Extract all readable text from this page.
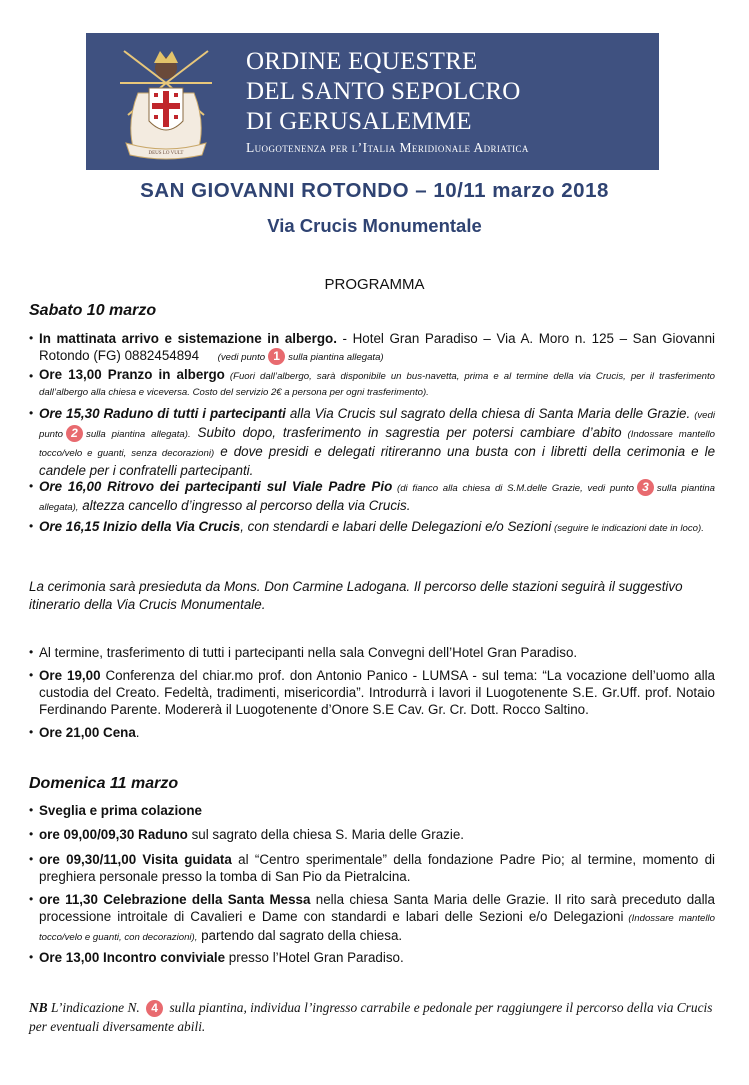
DEUS LO VULT
ORDINE EQUESTRE
DEL SANTO SEPOLCRO
DI GERUSALEMME
Luogotenenza per l’Italia Meridionale Adriatica
SAN GIOVANNI ROTONDO – 10/11 marzo 2018
Via Crucis Monumentale
PROGRAMMA
Sabato 10 marzo
• In mattinata arrivo e sistemazione in albergo. - Hotel Gran Paradiso – Via A. Moro n. 125 – San Giovanni Rotondo (FG) 0882454894 (vedi punto 1 sulla piantina allegata)
• Ore 13,00 Pranzo in albergo (Fuori dall’albergo, sarà disponibile un bus-navetta, prima e al termine della via Crucis, per il trasferimento dall’albergo alla chiesa e viceversa. Costo del servizio 2€ a persona per ogni trasferimento).
• Ore 15,30 Raduno di tutti i partecipanti alla Via Crucis sul sagrato della chiesa di Santa Maria delle Grazie. (vedi punto 2 sulla piantina allegata). Subito dopo, trasferimento in sagrestia per potersi cambiare d’abito (Indossare mantello tocco/velo e guanti, senza decorazioni) e dove presidi e delegati ritireranno una busta con i libretti della cerimonia e le candele per i confratelli partecipanti.
• Ore 16,00 Ritrovo dei partecipanti sul Viale Padre Pio (di fianco alla chiesa di S.M.delle Grazie, vedi punto 3 sulla piantina allegata), altezza cancello d’ingresso al percorso della via Crucis.
• Ore 16,15 Inizio della Via Crucis, con stendardi e labari delle Delegazioni e/o Sezioni (seguire le indicazioni date in loco).
La cerimonia sarà presieduta da Mons. Don Carmine Ladogana. Il percorso delle stazioni seguirà il suggestivo itinerario della Via Crucis Monumentale.
• Al termine, trasferimento di tutti i partecipanti nella sala Convegni dell’Hotel Gran Paradiso.
• Ore 19,00 Conferenza del chiar.mo prof. don Antonio Panico - LUMSA - sul tema: “La vocazione dell’uomo alla custodia del Creato. Fedeltà, tradimenti, misericordia”. Introdurrà i lavori il Luogotenente S.E. Gr.Uff. prof. Notaio Ferdinando Parente. Modererà il Luogotenente d’Onore S.E Cav. Gr. Cr. Dott. Rocco Saltino.
• Ore 21,00 Cena.
Domenica 11 marzo
• Sveglia e prima colazione
• ore 09,00/09,30 Raduno sul sagrato della chiesa S. Maria delle Grazie.
• ore 09,30/11,00 Visita guidata al “Centro sperimentale” della fondazione Padre Pio; al termine, momento di preghiera personale presso la tomba di San Pio da Pietralcina.
• ore 11,30 Celebrazione della Santa Messa nella chiesa Santa Maria delle Grazie. Il rito sarà preceduto dalla processione introitale di Cavalieri e Dame con standardi e labari delle Sezioni e/o Delegazioni (Indossare mantello tocco/velo e guanti, con decorazioni), partendo dal sagrato della chiesa.
• Ore 13,00 Incontro conviviale presso l’Hotel Gran Paradiso.
NB L’indicazione N. 4 sulla piantina, individua l’ingresso carrabile e pedonale per raggiungere il percorso della via Crucis per eventuali diversamente abili.
